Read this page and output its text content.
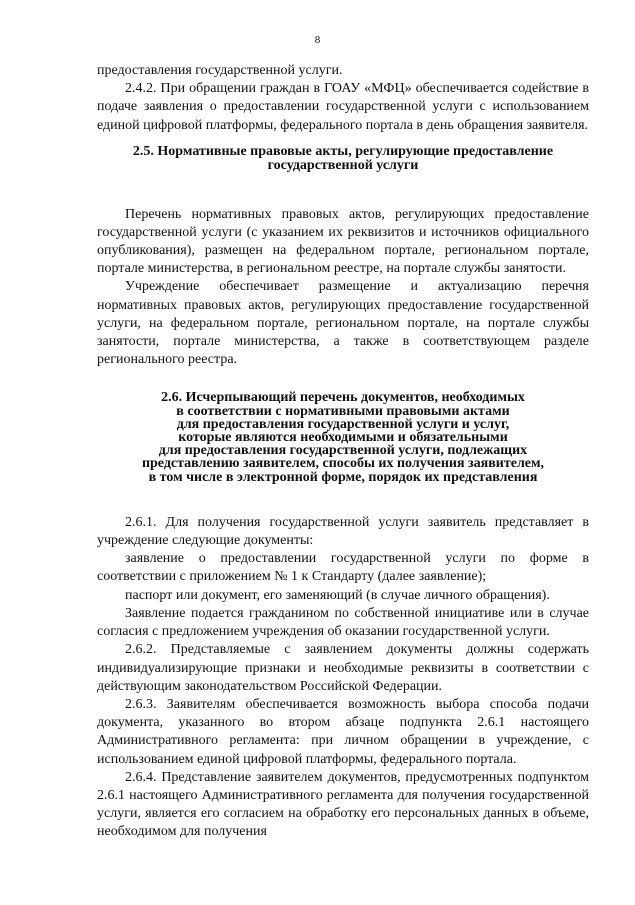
8

предоставления государственной услуги.

2.4.2. При обращении граждан в ГОАУ «МФЦ» обеспечивается содействие в подаче заявления о предоставлении государственной услуги с использованием единой цифровой платформы, федерального портала в день обращения заявителя.

2.5. Нормативные правовые акты, регулирующие предоставление
государственной услуги

Перечень нормативных правовых актов, регулирующих предоставление государственной услуги (с указанием их реквизитов и источников официального опубликования), размещен на федеральном портале, региональном портале, портале министерства, в региональном реестре, на портале службы занятости.

Учреждение обеспечивает размещение и актуализацию перечня нормативных правовых актов, регулирующих предоставление государственной услуги, на федеральном портале, региональном портале, на портале службы занятости, портале министерства, а также в соответствующем разделе регионального реестра.

2.6. Исчерпывающий перечень документов, необходимых
в соответствии с нормативными правовыми актами
для предоставления государственной услуги и услуг,
которые являются необходимыми и обязательными
для предоставления государственной услуги, подлежащих
представлению заявителем, способы их получения заявителем,
в том числе в электронной форме, порядок их представления

2.6.1. Для получения государственной услуги заявитель представляет в учреждение следующие документы:

заявление о предоставлении государственной услуги по форме в соответствии с приложением № 1 к Стандарту (далее заявление);

паспорт или документ, его заменяющий (в случае личного обращения).

Заявление подается гражданином по собственной инициативе или в случае согласия с предложением учреждения об оказании государственной услуги.

2.6.2. Представляемые с заявлением документы должны содержать индивидуализирующие признаки и необходимые реквизиты в соответствии с действующим законодательством Российской Федерации.

2.6.3. Заявителям обеспечивается возможность выбора способа подачи документа, указанного во втором абзаце подпункта 2.6.1 настоящего Административного регламента: при личном обращении в учреждение, с использованием единой цифровой платформы, федерального портала.

2.6.4. Представление заявителем документов, предусмотренных подпунктом 2.6.1 настоящего Административного регламента для получения государственной услуги, является его согласием на обработку его персональных данных в объеме, необходимом для получения
